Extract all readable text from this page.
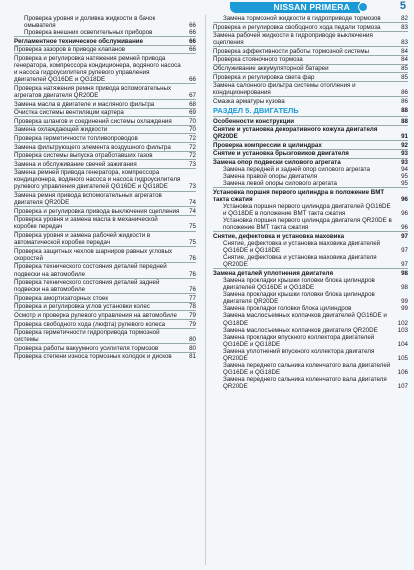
NISSAN PRIMERA	5
Проверка уровня и доливка жидкости в бачок омывателя	66
Проверка внешних осветительных приборов	66
Регламентное техническое обслуживание	66
Проверка зазоров в приводе клапанов	66
Проверка и регулировка натяжения ремней привода генератора, компрессора кондиционера, водяного насоса и насоса гидроусилителя рулевого управления двигателей QG16DE и QG18DE	66
Проверка натяжения ремня привода вспомогательных агрегатов двигателя QR20DE	67
Замена масла в двигателе и масляного фильтра	68
Очистка системы вентиляции картера	69
Проверка шлангов и соединений системы охлаждения	70
Замена охлаждающей жидкости	70
Проверка герметичности топливопроводов	72
Замена фильтрующего элемента воздушного фильтра	72
Проверка системы выпуска отработавших газов	72
Замена и обслуживание свечей зажигания	73
Замена ремней привода генератора, компрессора кондиционера, водяного насоса и насоса гидроусилителя рулевого управления двигателей QG16DE и QG18DE	73
Замена ремня привода вспомогательных агрегатов двигателя QR20DE	74
Проверка и регулировка привода выключения сцепления 74
Проверка уровня и замена масла в механической коробке передач	75
Проверка уровня и замена рабочей жидкости в автоматической коробке передач	75
Проверка защитных чехлов шарниров равных угловых скоростей	76
Проверка технического состояния деталей передней подвески на автомобиле	76
Проверка технического состояния деталей задней подвески на автомобиле	76
Проверка амортизаторных стоек	77
Проверка и регулировка углов установки колес	78
Осмотр и проверка рулевого управления на автомобиле 79
Проверка свободного хода (люфта) рулевого колеса	79
Проверка герметичности гидропривода тормозной системы	80
Проверка работы вакуумного усилителя тормозов	80
Проверка степени износа тормозных колодок и дисков	81
Замена тормозной жидкости в гидроприводе тормозов	82
Проверка и регулировка свободного хода педали тормоза	83
Замена рабочей жидкости в гидроприводе выключения сцепления	83
Проверка эффективности работы тормозной системы	84
Проверка стояночного тормоза	84
Обслуживание аккумуляторной батареи	85
Проверка и регулировка света фар	85
Замена салонного фильтра системы отопления и кондиционирования	86
Смазка арматуры кузова	86
РАЗДЕЛ 5. ДВИГАТЕЛЬ	88
Особенности конструкции	88
Снятие и установка декоративного кожуха двигателя QR20DE	91
Проверка компрессии в цилиндрах	92
Снятие и установка брызговиков двигателя	93
Замена опор подвески силового агрегата	93
Замена передней и задней опор силового агрегата	94
Замена правой опоры двигателя	95
Замена левой опоры силового агрегата	95
Установка поршня первого цилиндра в положение ВМТ такта сжатия	96
Установка поршня первого цилиндра двигателей QG16DE и QG18DE в положение ВМТ такта сжатия	96
Установка поршня первого цилиндра двигателя QR20DE в положение ВМТ такта сжатия	96
Снятие, дефектовка и установка маховика	97
Снятие, дефектовка и установка маховика двигателей QG16DE и QG18DE	97
Снятие, дефектовка и установка маховика двигателя QR20DE	97
Замена деталей уплотнения двигателя	98
Замена прокладки крышки головки блока цилиндров двигателей QG16DE и QG18DE	98
Замена прокладки крышки головки блока цилиндров двигателя QR20DE	99
Замена прокладки головки блока цилиндров	99
Замена маслосъемных колпачков двигателей QG16DE и QG18DE	102
Замена маслосъемных колпачков двигателя QR20DE	103
Замена прокладки впускного коллектора двигателей QG16DE и QG18DE	104
Замена уплотнений впускного коллектора двигателя QR20DE	105
Замена переднего сальника коленчатого вала двигателей QG16DE и QG18DE	106
Замена переднего сальника коленчатого вала двигателя QR20DE	107
